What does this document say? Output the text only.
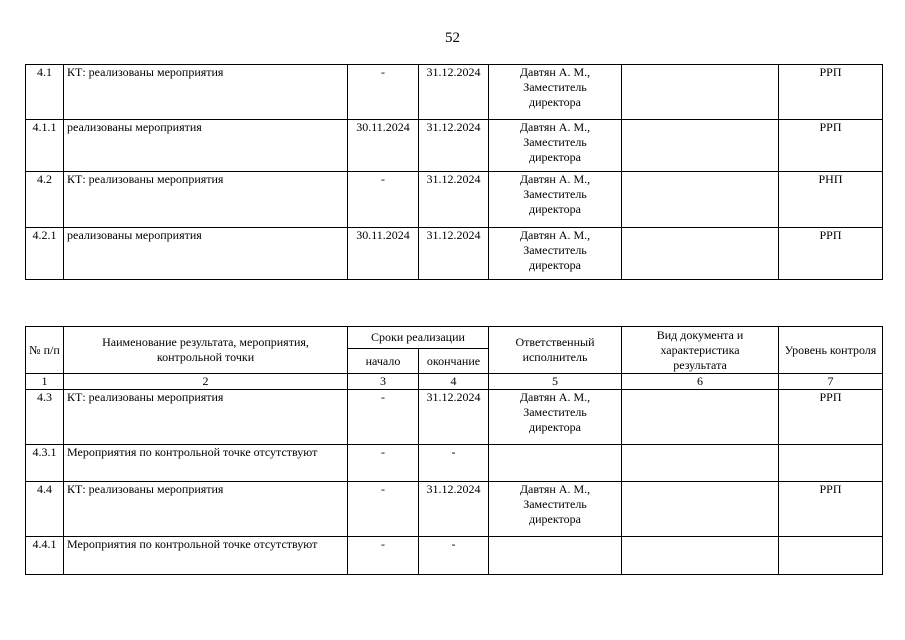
52
4.1	КТ: реализованы мероприятия	-	31.12.2024	Давтян А. М.,
Заместитель
директора		РРП
4.1.1	реализованы мероприятия	30.11.2024	31.12.2024	Давтян А. М.,
Заместитель
директора		РРП
4.2	КТ: реализованы мероприятия	-	31.12.2024	Давтян А. М.,
Заместитель
директора		РНП
4.2.1	реализованы мероприятия	30.11.2024	31.12.2024	Давтян А. М.,
Заместитель
директора		РРП
№ п/п	Наименование результата, мероприятия, контрольной точки	Сроки реализации		Ответственный исполнитель	Вид документа и характеристика результата	Уровень контроля
		начало	окончание			
1	2	3	4	5	6	7
4.3	КТ: реализованы мероприятия	-	31.12.2024	Давтян А. М.,
Заместитель
директора		РРП
4.3.1	Мероприятия по контрольной точке отсутствуют	-	-			
4.4	КТ: реализованы мероприятия	-	31.12.2024	Давтян А. М.,
Заместитель
директора		РРП
4.4.1	Мероприятия по контрольной точке отсутствуют	-	-			
